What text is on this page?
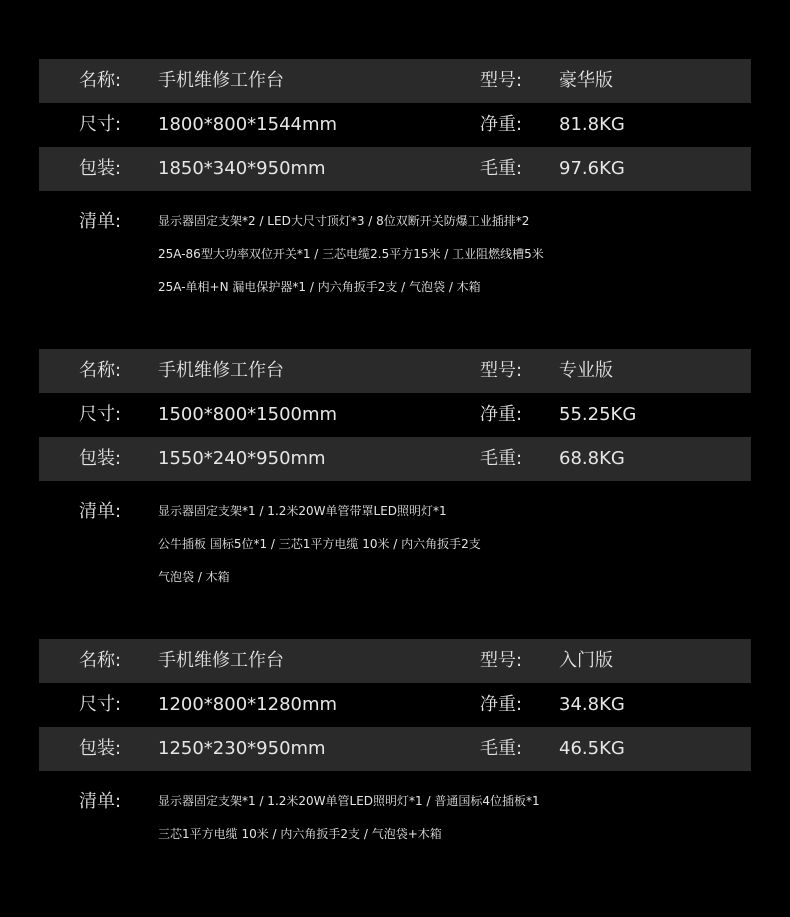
名称: 手机维修工作台	型号: 豪华版
尺寸: 1800*800*1544mm	净重: 81.8KG
包装: 1850*340*950mm	毛重: 97.6KG
清单:	显示器固定支架*2 / LED大尺寸顶灯*3 / 8位双断开关防爆工业插排*2
25A-86型大功率双位开关*1 / 三芯电缆2.5平方15米 / 工业阻燃线槽5米
25A-单相+N 漏电保护器*1 / 内六角扳手2支 / 气泡袋 / 木箱
名称: 手机维修工作台	型号: 专业版
尺寸: 1500*800*1500mm	净重: 55.25KG
包装: 1550*240*950mm	毛重: 68.8KG
清单:	显示器固定支架*1 / 1.2米20W单管带罩LED照明灯*1
公牛插板 国标5位*1 / 三芯1平方电缆 10米 / 内六角扳手2支
气泡袋 / 木箱
名称: 手机维修工作台	型号: 入门版
尺寸: 1200*800*1280mm	净重: 34.8KG
包装: 1250*230*950mm	毛重: 46.5KG
清单:	显示器固定支架*1 / 1.2米20W单管LED照明灯*1 / 普通国标4位插板*1
三芯1平方电缆 10米 / 内六角扳手2支 / 气泡袋+木箱
